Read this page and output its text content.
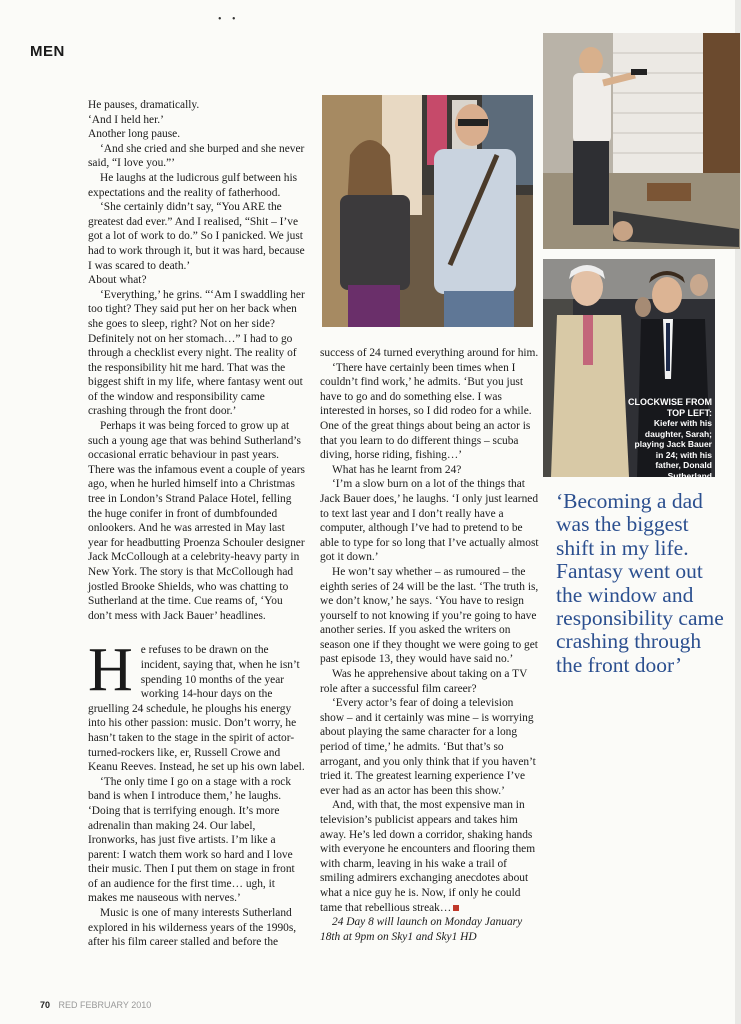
• •
MEN

He pauses, dramatically.

‘And I held her.’

Another long pause.

‘And she cried and she burped and she never said, “I love you.”’

He laughs at the ludicrous gulf between his expectations and the reality of fatherhood.

‘She certainly didn’t say, “You ARE the greatest dad ever.” And I realised, “Shit – I’ve got a lot of work to do.” So I panicked. We just had to work through it, but it was hard, because I was scared to death.’

About what?

‘Everything,’ he grins. “‘Am I swaddling her too tight? They said put her on her back when she goes to sleep, right? Not on her side? Definitely not on her stomach…” I had to go through a checklist every night. The reality of the responsibility hit me hard. That was the biggest shift in my life, where fantasy went out of the window and responsibility came crashing through the front door.’

Perhaps it was being forced to grow up at such a young age that was behind Sutherland’s occasional erratic behaviour in past years. There was the infamous event a couple of years ago, when he hurled himself into a Christmas tree in London’s Strand Palace Hotel, felling the huge conifer in front of dumbfounded onlookers. And he was arrested in May last year for headbutting Proenza Schouler designer Jack McCollough at a celebrity-heavy party in New York. The story is that McCollough had jostled Brooke Shields, who was chatting to Sutherland at the time. Cue reams of, ‘You don’t mess with Jack Bauer’ headlines.

He refuses to be drawn on the incident, saying that, when he isn’t spending 10 months of the year working 14-hour days on the gruelling 24 schedule, he ploughs his energy into his other passion: music. Don’t worry, he hasn’t taken to the stage in the spirit of actor-turned-rockers like, er, Russell Crowe and Keanu Reeves. Instead, he set up his own label.

‘The only time I go on a stage with a rock band is when I introduce them,’ he laughs. ‘Doing that is terrifying enough. It’s more adrenalin than making 24. Our label, Ironworks, has just five artists. I’m like a parent: I watch them work so hard and I love their music. Then I put them on stage in front of an audience for the first time… ugh, it makes me nauseous with nerves.’

Music is one of many interests Sutherland explored in his wilderness years of the 1990s, after his film career stalled and before the

CLOCKWISE FROM TOP LEFT:
Kiefer with his daughter, Sarah; playing Jack Bauer in 24; with his father, Donald Sutherland

success of 24 turned everything around for him.

‘There have certainly been times when I couldn’t find work,’ he admits. ‘But you just have to go and do something else. I was interested in horses, so I did rodeo for a while. One of the great things about being an actor is that you learn to do different things – scuba diving, horse riding, fishing…’

What has he learnt from 24?

‘I’m a slow burn on a lot of the things that Jack Bauer does,’ he laughs. ‘I only just learned to text last year and I don’t really have a computer, although I’ve had to pretend to be able to type for so long that I’ve actually almost got it down.’

He won’t say whether – as rumoured – the eighth series of 24 will be the last. ‘The truth is, we don’t know,’ he says. ‘You have to resign yourself to not knowing if you’re going to have another series. If you asked the writers on season one if they thought we were going to get past episode 13, they would have said no.’

Was he apprehensive about taking on a TV role after a successful film career?

‘Every actor’s fear of doing a television show – and it certainly was mine – is worrying about playing the same character for a long period of time,’ he admits. ‘But that’s so arrogant, and you only think that if you haven’t tried it. The greatest learning experience I’ve ever had as an actor has been this show.’

And, with that, the most expensive man in television’s publicist appears and takes him away. He’s led down a corridor, shaking hands with everyone he encounters and flooring them with charm, leaving in his wake a trail of smiling admirers exchanging anecdotes about what a nice guy he is. Now, if only he could tame that rebellious streak…

24 Day 8 will launch on Monday January 18th at 9pm on Sky1 and Sky1 HD

‘Becoming a dad was the biggest shift in my life. Fantasy went out the window and responsibility came crashing through the front door’
70 RED FEBRUARY 2010
